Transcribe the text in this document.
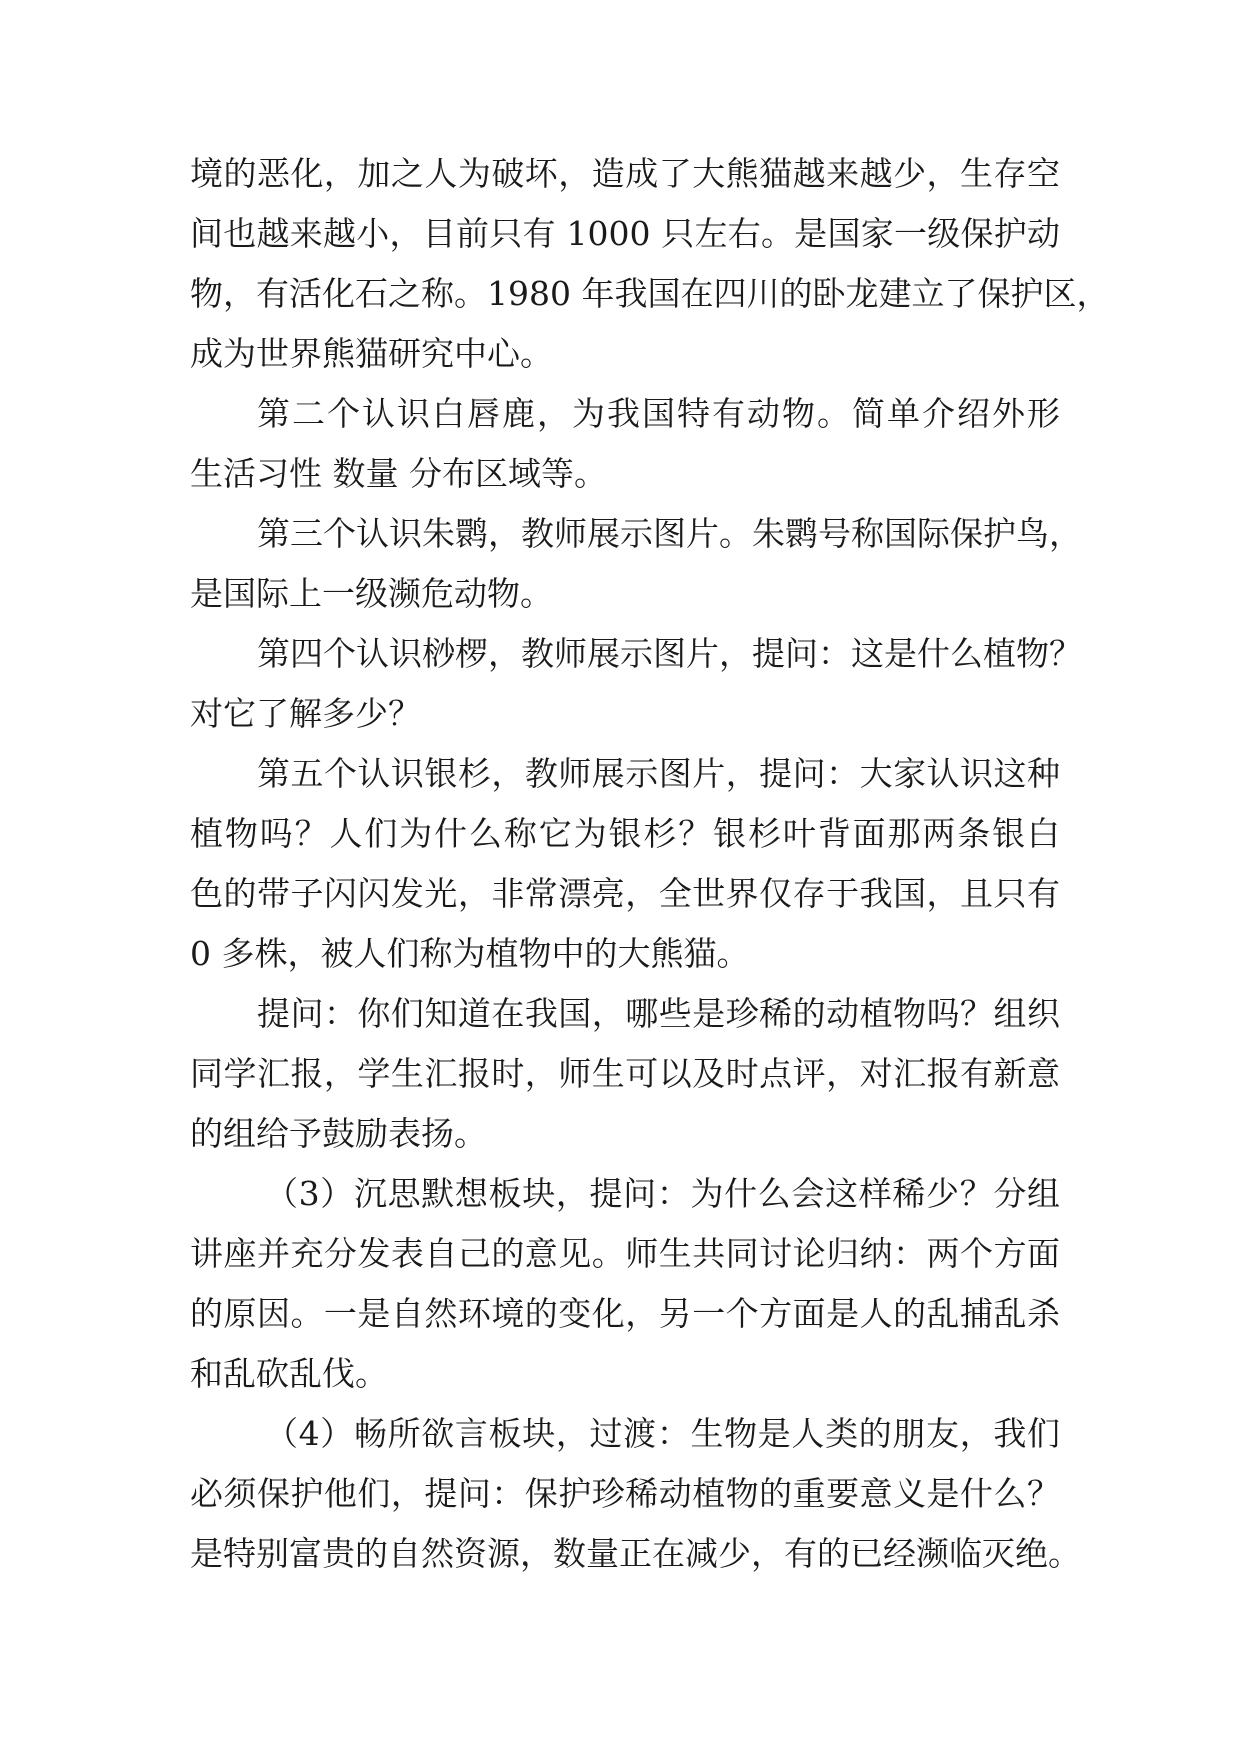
境的恶化，加之人为破坏，造成了大熊猫越来越少，生存空
间也越来越小，目前只有 1000 只左右。是国家一级保护动
物，有活化石之称。1980 年我国在四川的卧龙建立了保护区，
成为世界熊猫研究中心。
第二个认识白唇鹿，为我国特有动物。简单介绍外形
生活习性 数量 分布区域等。
第三个认识朱鹮，教师展示图片。朱鹮号称国际保护鸟，
是国际上一级濒危动物。
第四个认识桫椤，教师展示图片，提问：这是什么植物？
对它了解多少？
第五个认识银杉，教师展示图片，提问：大家认识这种
植物吗？人们为什么称它为银杉？银杉叶背面那两条银白
色的带子闪闪发光，非常漂亮，全世界仅存于我国，且只有
0 多株，被人们称为植物中的大熊猫。
提问：你们知道在我国，哪些是珍稀的动植物吗？组织
同学汇报，学生汇报时，师生可以及时点评，对汇报有新意
的组给予鼓励表扬。
（3）沉思默想板块，提问：为什么会这样稀少？分组
讲座并充分发表自己的意见。师生共同讨论归纳：两个方面
的原因。一是自然环境的变化，另一个方面是人的乱捕乱杀
和乱砍乱伐。
（4）畅所欲言板块，过渡：生物是人类的朋友，我们
必须保护他们，提问：保护珍稀动植物的重要意义是什么？
是特别富贵的自然资源，数量正在减少，有的已经濒临灭绝。
